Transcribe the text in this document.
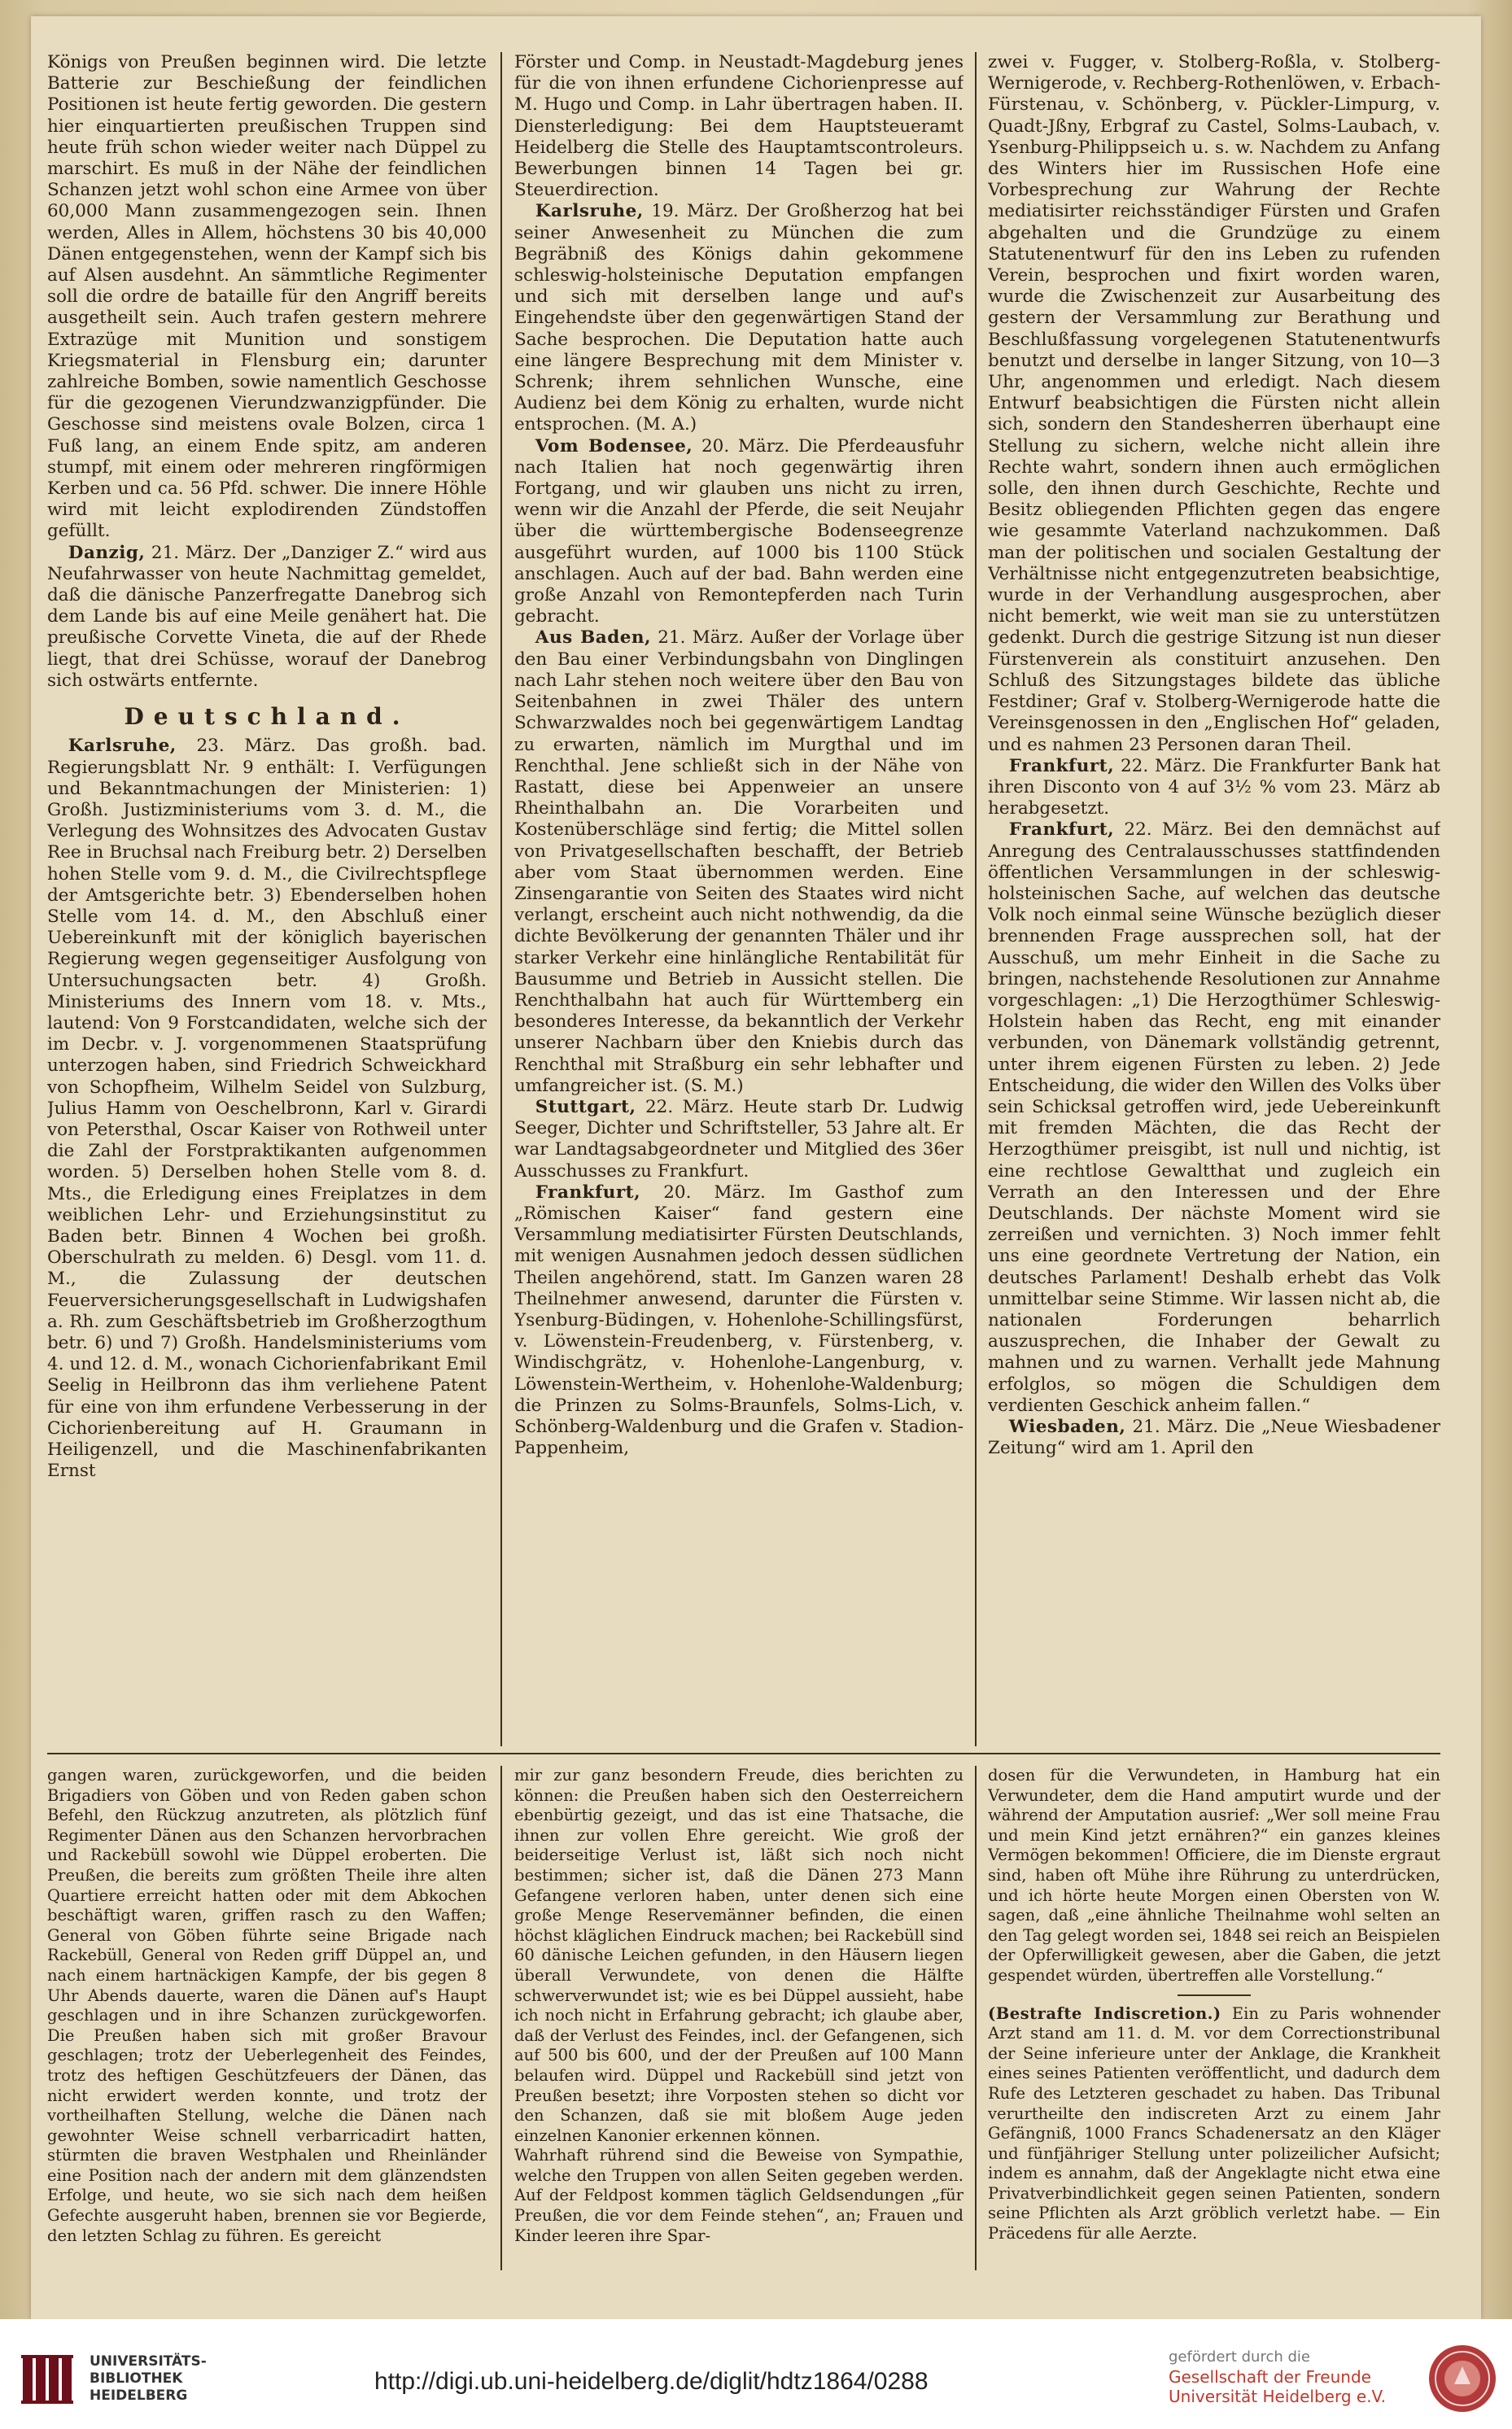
Königs von Preußen beginnen wird. Die letzte Batterie zur Beschießung der feindlichen Positionen ist heute fertig geworden. Die gestern hier einquartierten preußischen Truppen sind heute früh schon wieder weiter nach Düppel zu marschirt. Es muß in der Nähe der feindlichen Schanzen jetzt wohl schon eine Armee von über 60,000 Mann zusammengezogen sein. Ihnen werden, Alles in Allem, höchstens 30 bis 40,000 Dänen entgegenstehen, wenn der Kampf sich bis auf Alsen ausdehnt. An sämmtliche Regimenter soll die ordre de bataille für den Angriff bereits ausgetheilt sein. Auch trafen gestern mehrere Extrazüge mit Munition und sonstigem Kriegsmaterial in Flensburg ein; darunter zahlreiche Bomben, sowie namentlich Geschosse für die gezogenen Vierundzwanzigpfünder. Die Geschosse sind meistens ovale Bolzen, circa 1 Fuß lang, an einem Ende spitz, am anderen stumpf, mit einem oder mehreren ringförmigen Kerben und ca. 56 Pfd. schwer. Die innere Höhle wird mit leicht explodirenden Zündstoffen gefüllt.

Danzig, 21. März. Der „Danziger Z.“ wird aus Neufahrwasser von heute Nachmittag gemeldet, daß die dänische Panzerfregatte Danebrog sich dem Lande bis auf eine Meile genähert hat. Die preußische Corvette Vineta, die auf der Rhede liegt, that drei Schüsse, worauf der Danebrog sich ostwärts entfernte.

Deutschland.

Karlsruhe, 23. März. Das großh. bad. Regierungsblatt Nr. 9 enthält: I. Verfügungen und Bekanntmachungen der Ministerien: 1) Großh. Justizministeriums vom 3. d. M., die Verlegung des Wohnsitzes des Advocaten Gustav Ree in Bruchsal nach Freiburg betr. 2) Derselben hohen Stelle vom 9. d. M., die Civilrechtspflege der Amtsgerichte betr. 3) Ebenderselben hohen Stelle vom 14. d. M., den Abschluß einer Uebereinkunft mit der königlich bayerischen Regierung wegen gegenseitiger Ausfolgung von Untersuchungsacten betr. 4) Großh. Ministeriums des Innern vom 18. v. Mts., lautend: Von 9 Forstcandidaten, welche sich der im Decbr. v. J. vorgenommenen Staatsprüfung unterzogen haben, sind Friedrich Schweickhard von Schopfheim, Wilhelm Seidel von Sulzburg, Julius Hamm von Oeschelbronn, Karl v. Girardi von Petersthal, Oscar Kaiser von Rothweil unter die Zahl der Forstpraktikanten aufgenommen worden. 5) Derselben hohen Stelle vom 8. d. Mts., die Erledigung eines Freiplatzes in dem weiblichen Lehr- und Erziehungsinstitut zu Baden betr. Binnen 4 Wochen bei großh. Oberschulrath zu melden. 6) Desgl. vom 11. d. M., die Zulassung der deutschen Feuerversicherungsgesellschaft in Ludwigshafen a. Rh. zum Geschäftsbetrieb im Großherzogthum betr. 6) und 7) Großh. Handelsministeriums vom 4. und 12. d. M., wonach Cichorienfabrikant Emil Seelig in Heilbronn das ihm verliehene Patent für eine von ihm erfundene Verbesserung in der Cichorienbereitung auf H. Graumann in Heiligenzell, und die Maschinenfabrikanten Ernst

Förster und Comp. in Neustadt-Magdeburg jenes für die von ihnen erfundene Cichorienpresse auf M. Hugo und Comp. in Lahr übertragen haben. II. Diensterledigung: Bei dem Hauptsteueramt Heidelberg die Stelle des Hauptamtscontroleurs. Bewerbungen binnen 14 Tagen bei gr. Steuerdirection.

Karlsruhe, 19. März. Der Großherzog hat bei seiner Anwesenheit zu München die zum Begräbniß des Königs dahin gekommene schleswig-holsteinische Deputation empfangen und sich mit derselben lange und auf's Eingehendste über den gegenwärtigen Stand der Sache besprochen. Die Deputation hatte auch eine längere Besprechung mit dem Minister v. Schrenk; ihrem sehnlichen Wunsche, eine Audienz bei dem König zu erhalten, wurde nicht entsprochen. (M. A.)

Vom Bodensee, 20. März. Die Pferdeausfuhr nach Italien hat noch gegenwärtig ihren Fortgang, und wir glauben uns nicht zu irren, wenn wir die Anzahl der Pferde, die seit Neujahr über die württembergische Bodenseegrenze ausgeführt wurden, auf 1000 bis 1100 Stück anschlagen. Auch auf der bad. Bahn werden eine große Anzahl von Remontepferden nach Turin gebracht.

Aus Baden, 21. März. Außer der Vorlage über den Bau einer Verbindungsbahn von Dinglingen nach Lahr stehen noch weitere über den Bau von Seitenbahnen in zwei Thäler des untern Schwarzwaldes noch bei gegenwärtigem Landtag zu erwarten, nämlich im Murgthal und im Renchthal. Jene schließt sich in der Nähe von Rastatt, diese bei Appenweier an unsere Rheinthalbahn an. Die Vorarbeiten und Kostenüberschläge sind fertig; die Mittel sollen von Privatgesellschaften beschafft, der Betrieb aber vom Staat übernommen werden. Eine Zinsengarantie von Seiten des Staates wird nicht verlangt, erscheint auch nicht nothwendig, da die dichte Bevölkerung der genannten Thäler und ihr starker Verkehr eine hinlängliche Rentabilität für Bausumme und Betrieb in Aussicht stellen. Die Renchthalbahn hat auch für Württemberg ein besonderes Interesse, da bekanntlich der Verkehr unserer Nachbarn über den Kniebis durch das Renchthal mit Straßburg ein sehr lebhafter und umfangreicher ist. (S. M.)

Stuttgart, 22. März. Heute starb Dr. Ludwig Seeger, Dichter und Schriftsteller, 53 Jahre alt. Er war Landtagsabgeordneter und Mitglied des 36er Ausschusses zu Frankfurt.

Frankfurt, 20. März. Im Gasthof zum „Römischen Kaiser“ fand gestern eine Versammlung mediatisirter Fürsten Deutschlands, mit wenigen Ausnahmen jedoch dessen südlichen Theilen angehörend, statt. Im Ganzen waren 28 Theilnehmer anwesend, darunter die Fürsten v. Ysenburg-Büdingen, v. Hohenlohe-Schillingsfürst, v. Löwenstein-Freudenberg, v. Fürstenberg, v. Windischgrätz, v. Hohenlohe-Langenburg, v. Löwenstein-Wertheim, v. Hohenlohe-Waldenburg; die Prinzen zu Solms-Braunfels, Solms-Lich, v. Schönberg-Waldenburg und die Grafen v. Stadion-Pappenheim,

zwei v. Fugger, v. Stolberg-Roßla, v. Stolberg-Wernigerode, v. Rechberg-Rothenlöwen, v. Erbach-Fürstenau, v. Schönberg, v. Pückler-Limpurg, v. Quadt-Jßny, Erbgraf zu Castel, Solms-Laubach, v. Ysenburg-Philippseich u. s. w. Nachdem zu Anfang des Winters hier im Russischen Hofe eine Vorbesprechung zur Wahrung der Rechte mediatisirter reichsständiger Fürsten und Grafen abgehalten und die Grundzüge zu einem Statutenentwurf für den ins Leben zu rufenden Verein, besprochen und fixirt worden waren, wurde die Zwischenzeit zur Ausarbeitung des gestern der Versammlung zur Berathung und Beschlußfassung vorgelegenen Statutenentwurfs benutzt und derselbe in langer Sitzung, von 10—3 Uhr, angenommen und erledigt. Nach diesem Entwurf beabsichtigen die Fürsten nicht allein sich, sondern den Standesherren überhaupt eine Stellung zu sichern, welche nicht allein ihre Rechte wahrt, sondern ihnen auch ermöglichen solle, den ihnen durch Geschichte, Rechte und Besitz obliegenden Pflichten gegen das engere wie gesammte Vaterland nachzukommen. Daß man der politischen und socialen Gestaltung der Verhältnisse nicht entgegenzutreten beabsichtige, wurde in der Verhandlung ausgesprochen, aber nicht bemerkt, wie weit man sie zu unterstützen gedenkt. Durch die gestrige Sitzung ist nun dieser Fürstenverein als constituirt anzusehen. Den Schluß des Sitzungstages bildete das übliche Festdiner; Graf v. Stolberg-Wernigerode hatte die Vereinsgenossen in den „Englischen Hof“ geladen, und es nahmen 23 Personen daran Theil.

Frankfurt, 22. März. Die Frankfurter Bank hat ihren Disconto von 4 auf 3½ % vom 23. März ab herabgesetzt.

Frankfurt, 22. März. Bei den demnächst auf Anregung des Centralausschusses stattfindenden öffentlichen Versammlungen in der schleswig-holsteinischen Sache, auf welchen das deutsche Volk noch einmal seine Wünsche bezüglich dieser brennenden Frage aussprechen soll, hat der Ausschuß, um mehr Einheit in die Sache zu bringen, nachstehende Resolutionen zur Annahme vorgeschlagen: „1) Die Herzogthümer Schleswig-Holstein haben das Recht, eng mit einander verbunden, von Dänemark vollständig getrennt, unter ihrem eigenen Fürsten zu leben. 2) Jede Entscheidung, die wider den Willen des Volks über sein Schicksal getroffen wird, jede Uebereinkunft mit fremden Mächten, die das Recht der Herzogthümer preisgibt, ist null und nichtig, ist eine rechtlose Gewaltthat und zugleich ein Verrath an den Interessen und der Ehre Deutschlands. Der nächste Moment wird sie zerreißen und vernichten. 3) Noch immer fehlt uns eine geordnete Vertretung der Nation, ein deutsches Parlament! Deshalb erhebt das Volk unmittelbar seine Stimme. Wir lassen nicht ab, die nationalen Forderungen beharrlich auszusprechen, die Inhaber der Gewalt zu mahnen und zu warnen. Verhallt jede Mahnung erfolglos, so mögen die Schuldigen dem verdienten Geschick anheim fallen.“

Wiesbaden, 21. März. Die „Neue Wiesbadener Zeitung“ wird am 1. April den

gangen waren, zurückgeworfen, und die beiden Brigadiers von Göben und von Reden gaben schon Befehl, den Rückzug anzutreten, als plötzlich fünf Regimenter Dänen aus den Schanzen hervorbrachen und Rackebüll sowohl wie Düppel eroberten. Die Preußen, die bereits zum größten Theile ihre alten Quartiere erreicht hatten oder mit dem Abkochen beschäftigt waren, griffen rasch zu den Waffen; General von Göben führte seine Brigade nach Rackebüll, General von Reden griff Düppel an, und nach einem hartnäckigen Kampfe, der bis gegen 8 Uhr Abends dauerte, waren die Dänen auf's Haupt geschlagen und in ihre Schanzen zurückgeworfen. Die Preußen haben sich mit großer Bravour geschlagen; trotz der Ueberlegenheit des Feindes, trotz des heftigen Geschützfeuers der Dänen, das nicht erwidert werden konnte, und trotz der vortheilhaften Stellung, welche die Dänen nach gewohnter Weise schnell verbarricadirt hatten, stürmten die braven Westphalen und Rheinländer eine Position nach der andern mit dem glänzendsten Erfolge, und heute, wo sie sich nach dem heißen Gefechte ausgeruht haben, brennen sie vor Begierde, den letzten Schlag zu führen. Es gereicht

mir zur ganz besondern Freude, dies berichten zu können: die Preußen haben sich den Oesterreichern ebenbürtig gezeigt, und das ist eine Thatsache, die ihnen zur vollen Ehre gereicht. Wie groß der beiderseitige Verlust ist, läßt sich noch nicht bestimmen; sicher ist, daß die Dänen 273 Mann Gefangene verloren haben, unter denen sich eine große Menge Reservemänner befinden, die einen höchst kläglichen Eindruck machen; bei Rackebüll sind 60 dänische Leichen gefunden, in den Häusern liegen überall Verwundete, von denen die Hälfte schwerverwundet ist; wie es bei Düppel aussieht, habe ich noch nicht in Erfahrung gebracht; ich glaube aber, daß der Verlust des Feindes, incl. der Gefangenen, sich auf 500 bis 600, und der der Preußen auf 100 Mann belaufen wird. Düppel und Rackebüll sind jetzt von Preußen besetzt; ihre Vorposten stehen so dicht vor den Schanzen, daß sie mit bloßem Auge jeden einzelnen Kanonier erkennen können.
Wahrhaft rührend sind die Beweise von Sympathie, welche den Truppen von allen Seiten gegeben werden. Auf der Feldpost kommen täglich Geldsendungen „für Preußen, die vor dem Feinde stehen“, an; Frauen und Kinder leeren ihre Spar-

dosen für die Verwundeten, in Hamburg hat ein Verwundeter, dem die Hand amputirt wurde und der während der Amputation ausrief: „Wer soll meine Frau und mein Kind jetzt ernähren?“ ein ganzes kleines Vermögen bekommen! Officiere, die im Dienste ergraut sind, haben oft Mühe ihre Rührung zu unterdrücken, und ich hörte heute Morgen einen Obersten von W. sagen, daß „eine ähnliche Theilnahme wohl selten an den Tag gelegt worden sei, 1848 sei reich an Beispielen der Opferwilligkeit gewesen, aber die Gaben, die jetzt gespendet würden, übertreffen alle Vorstellung.“

(Bestrafte Indiscretion.) Ein zu Paris wohnender Arzt stand am 11. d. M. vor dem Correctionstribunal der Seine inferieure unter der Anklage, die Krankheit eines seines Patienten veröffentlicht, und dadurch dem Rufe des Letzteren geschadet zu haben. Das Tribunal verurtheilte den indiscreten Arzt zu einem Jahr Gefängniß, 1000 Francs Schadenersatz an den Kläger und fünfjähriger Stellung unter polizeilicher Aufsicht; indem es annahm, daß der Angeklagte nicht etwa eine Privatverbindlichkeit gegen seinen Patienten, sondern seine Pflichten als Arzt gröblich verletzt habe. — Ein Präcedens für alle Aerzte.

UNIVERSITÄTS-
BIBLIOTHEK
HEIDELBERG
http://digi.ub.uni-heidelberg.de/diglit/hdtz1864/0288
gefördert durch die
Gesellschaft der Freunde
Universität Heidelberg e.V.
